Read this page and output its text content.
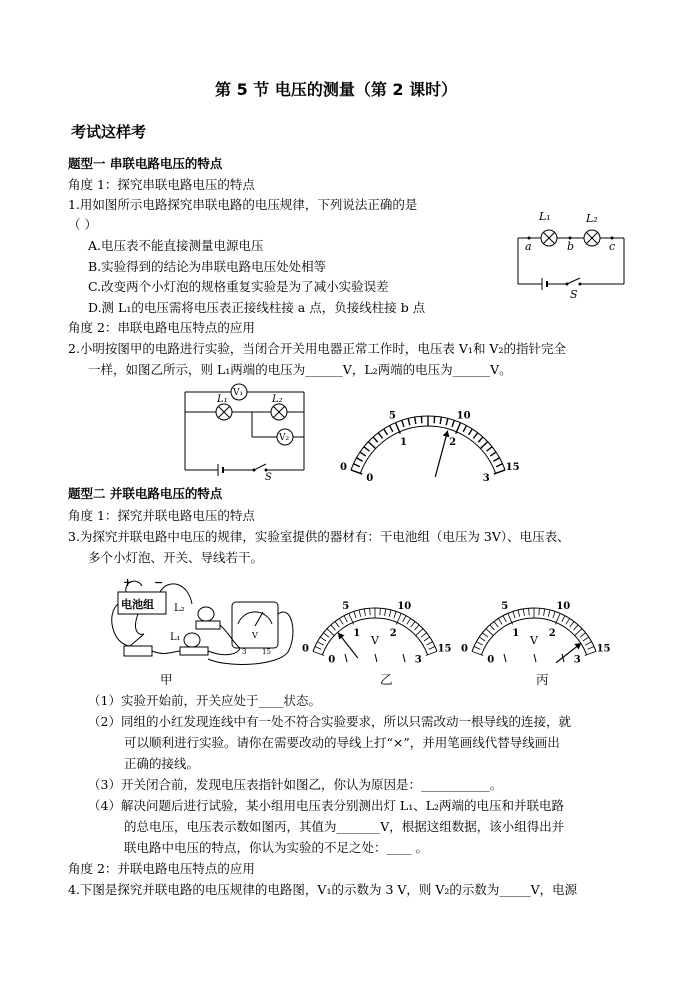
第 5 节 电压的测量（第 2 课时）
考试这样考
题型一 串联电路电压的特点
角度 1：探究串联电路电压的特点
1.用如图所示电路探究串联电路的电压规律，下列说法正确的是
（ ）
A.电压表不能直接测量电源电压
B.实验得到的结论为串联电路电压处处相等
C.改变两个小灯泡的规格重复实验是为了减小实验误差
D.测 L₁的电压需将电压表正接线柱接 a 点，负接线柱接 b 点
角度 2：串联电路电压特点的应用
2.小明按图甲的电路进行实验，当闭合开关用电器正常工作时，电压表 V₁和 V₂的指针完全
一样，如图乙所示，则 L₁两端的电压为______V，L₂两端的电压为______V。
题型二 并联电路电压的特点
角度 1：探究并联电路电压的特点
3.为探究并联电路中电压的规律，实验室提供的器材有：干电池组（电压为 3V）、电压表、
多个小灯泡、开关、导线若干。
甲	乙	丙
（1）实验开始前，开关应处于____状态。
（2）同组的小红发现连线中有一处不符合实验要求，所以只需改动一根导线的连接，就
可以顺利进行实验。请你在需要改动的导线上打“×”，并用笔画线代替导线画出
正确的接线。
（3）开关闭合前，发现电压表指针如图乙，你认为原因是：___________。
（4）解决问题后进行试验，某小组用电压表分别测出灯 L₁、L₂两端的电压和并联电路
的总电压，电压表示数如图丙，其值为_______V，根据这组数据，该小组得出并
联电路中电压的特点，你认为实验的不足之处：____ 。
角度 2：并联电路电压特点的应用
4.下图是探究并联电路的电压规律的电路图，V₁的示数为 3 V，则 V₂的示数为_____V，电源
L₁	L₂
a	b	c
S
V₁
V₂
L₁	L₂
S
0
5	10
15
0
1	2
3
电池组
+ −
L₂
L₁	V
3 15	0
5	10
15
0
1	2
3
V
0
5	10
15
0
1	2
3
V
